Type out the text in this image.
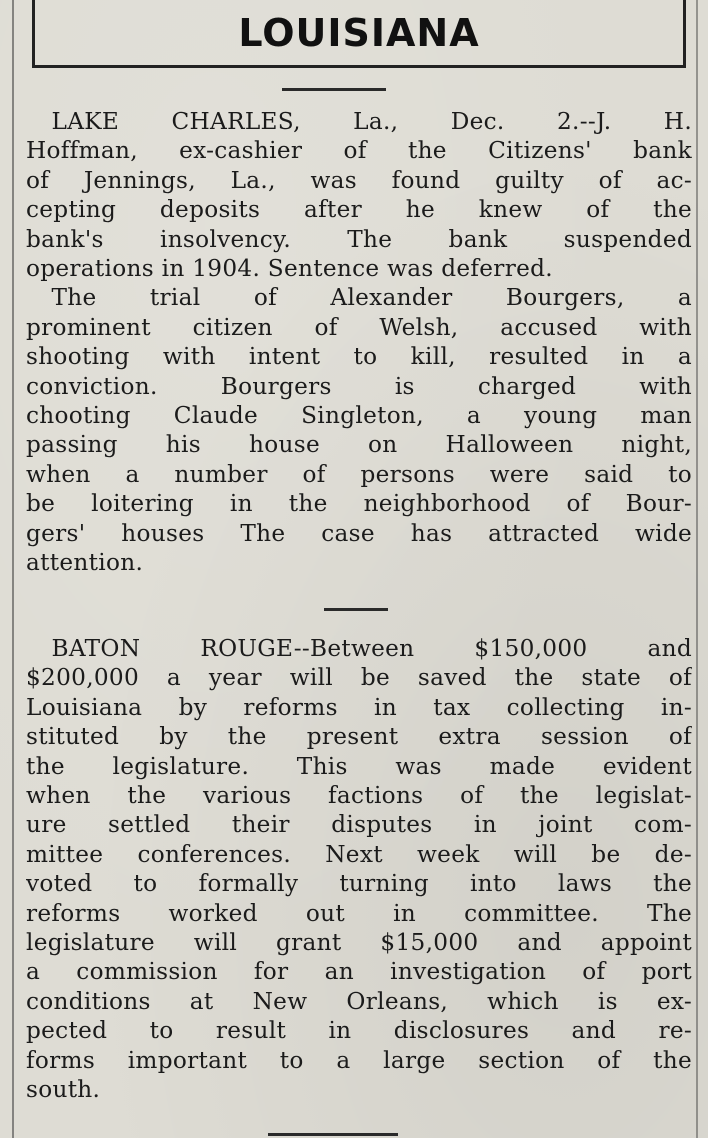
LOUISIANA
LAKE CHARLES, La., Dec. 2.--J. H.
Hoffman, ex-cashier of the Citizens' bank
of Jennings, La., was found guilty of ac-
cepting deposits after he knew of the
bank's insolvency. The bank suspended
operations in 1904. Sentence was deferred.
The trial of Alexander Bourgers, a
prominent citizen of Welsh, accused with
shooting with intent to kill, resulted in a
conviction. Bourgers is charged with
chooting Claude Singleton, a young man
passing his house on Halloween night,
when a number of persons were said to
be loitering in the neighborhood of Bour-
gers' houses The case has attracted wide
attention.
BATON ROUGE--Between $150,000 and
$200,000 a year will be saved the state of
Louisiana by reforms in tax collecting in-
stituted by the present extra session of
the legislature. This was made evident
when the various factions of the legislat-
ure settled their disputes in joint com-
mittee conferences. Next week will be de-
voted to formally turning into laws the
reforms worked out in committee. The
legislature will grant $15,000 and appoint
a commission for an investigation of port
conditions at New Orleans, which is ex-
pected to result in disclosures and re-
forms important to a large section of the
south.
